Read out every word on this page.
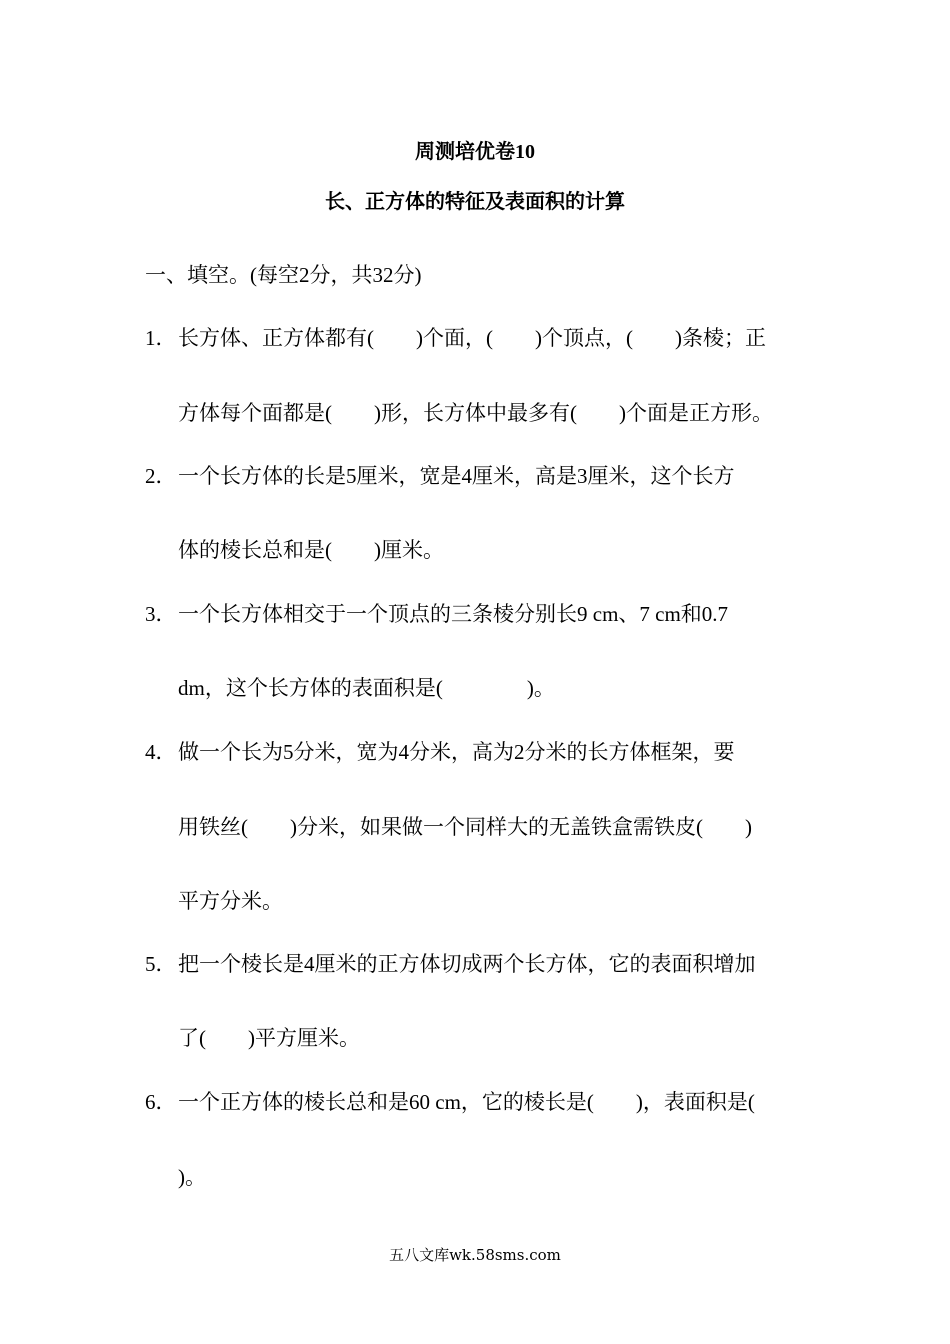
周测培优卷10
长、正方体的特征及表面积的计算
一、填空。(每空2分，共32分)
1． 长方体、正方体都有(　　)个面，(　　)个顶点，(　　)条棱；正
方体每个面都是(　　)形，长方体中最多有(　　)个面是正方形。
2． 一个长方体的长是5厘米，宽是4厘米，高是3厘米，这个长方
体的棱长总和是(　　)厘米。
3． 一个长方体相交于一个顶点的三条棱分别长9 cm、7 cm和0.7
dm，这个长方体的表面积是(　　　　)。
4． 做一个长为5分米，宽为4分米，高为2分米的长方体框架，要
用铁丝(　　)分米，如果做一个同样大的无盖铁盒需铁皮(　　)
平方分米。
5． 把一个棱长是4厘米的正方体切成两个长方体，它的表面积增加
了(　　)平方厘米。
6． 一个正方体的棱长总和是60 cm，它的棱长是(　　)，表面积是(
)。
五八文库wk.58sms.com
